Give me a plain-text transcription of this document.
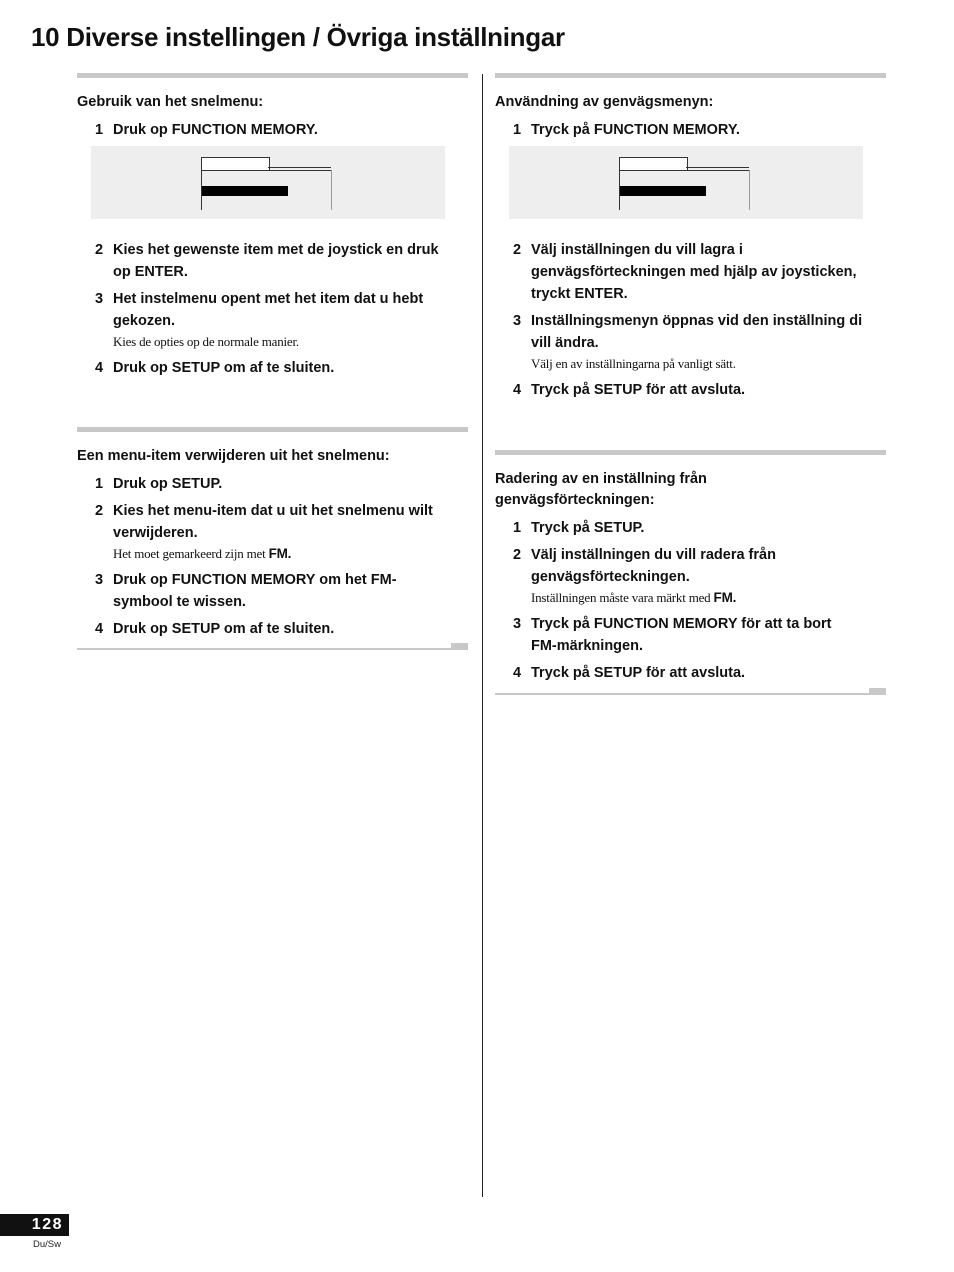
10 Diverse instellingen / Övriga inställningar
Gebruik van het snelmenu:
1 Druk op FUNCTION MEMORY.
2 Kies het gewenste item met de joystick en druk
op ENTER.
3 Het instelmenu opent met het item dat u hebt
gekozen.
Kies de opties op de normale manier.
4 Druk op SETUP om af te sluiten.
Een menu-item verwijderen uit het snelmenu:
1 Druk op SETUP.
2 Kies het menu-item dat u uit het snelmenu wilt
verwijderen.
Het moet gemarkeerd zijn met FM.
3 Druk op FUNCTION MEMORY om het FM-
symbool te wissen.
4 Druk op SETUP om af te sluiten.
Användning av genvägsmenyn:
1 Tryck på FUNCTION MEMORY.
2 Välj inställningen du vill lagra i
genvägsförteckningen med hjälp av joysticken,
tryckt ENTER.
3 Inställningsmenyn öppnas vid den inställning di
vill ändra.
Välj en av inställningarna på vanligt sätt.
4 Tryck på SETUP för att avsluta.
Radering av en inställning från
genvägsförteckningen:
1 Tryck på SETUP.
2 Välj inställningen du vill radera från
genvägsförteckningen.
Inställningen måste vara märkt med FM.
3 Tryck på FUNCTION MEMORY för att ta bort
FM-märkningen.
4 Tryck på SETUP för att avsluta.
128
Du/Sw
